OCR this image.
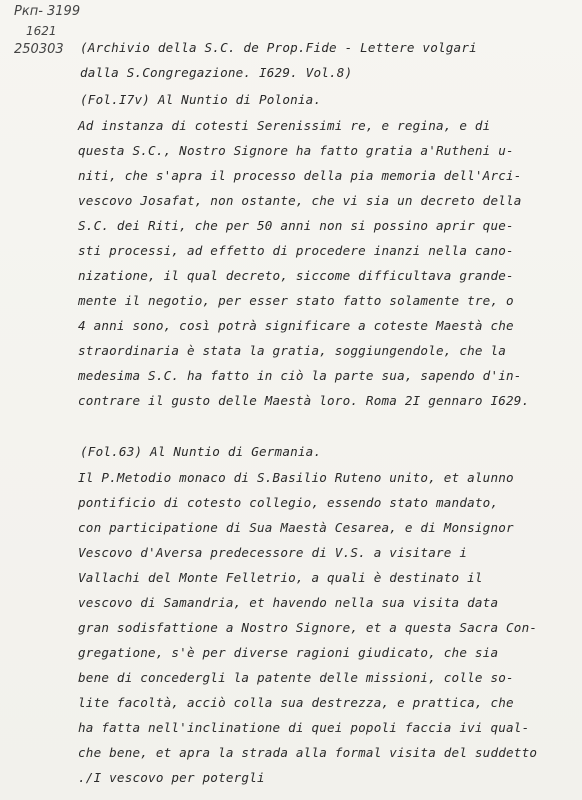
Pкп- 3199
1621
250303 (Archivio della S.C. de Prop.Fide - Lettere volgari
dalla S.Congregazione. I629. Vol.8)
(Fol.I7v) Al Nuntio di Polonia.
Ad instanza di cotesti Serenissimi re, e regina, e di
questa S.C., Nostro Signore ha fatto gratia a'Rutheni u-
niti, che s'apra il processo della pia memoria dell'Arci-
vescovo Josafat, non ostante, che vi sia un decreto della
S.C. dei Riti, che per 50 anni non si possino aprir que-
sti processi, ad effetto di procedere inanzi nella cano-
nizatione, il qual decreto, siccome difficultava grande-
mente il negotio, per esser stato fatto solamente tre, o
4 anni sono, così potrà significare a coteste Maestà che
straordinaria è stata la gratia, soggiungendole, che la
medesima S.C. ha fatto in ciò la parte sua, sapendo d'in-
contrare il gusto delle Maestà loro. Roma 2I gennaro I629.
(Fol.63) Al Nuntio di Germania.
Il P.Metodio monaco di S.Basilio Ruteno unito, et alunno
pontificio di cotesto collegio, essendo stato mandato,
con participatione di Sua Maestà Cesarea, e di Monsignor
Vescovo d'Aversa predecessore di V.S. a visitare i
Vallachi del Monte Felletrio, a quali è destinato il
vescovo di Samandria, et havendo nella sua visita data
gran sodisfattione a Nostro Signore, et a questa Sacra Con-
gregatione, s'è per diverse ragioni giudicato, che sia
bene di concedergli la patente delle missioni, colle so-
lite facoltà, acciò colla sua destrezza, e prattica, che
ha fatta nell'inclinatione di quei popoli faccia ivi qual-
che bene, et apra la strada alla formal visita del suddetto
./I vescovo per potergli
